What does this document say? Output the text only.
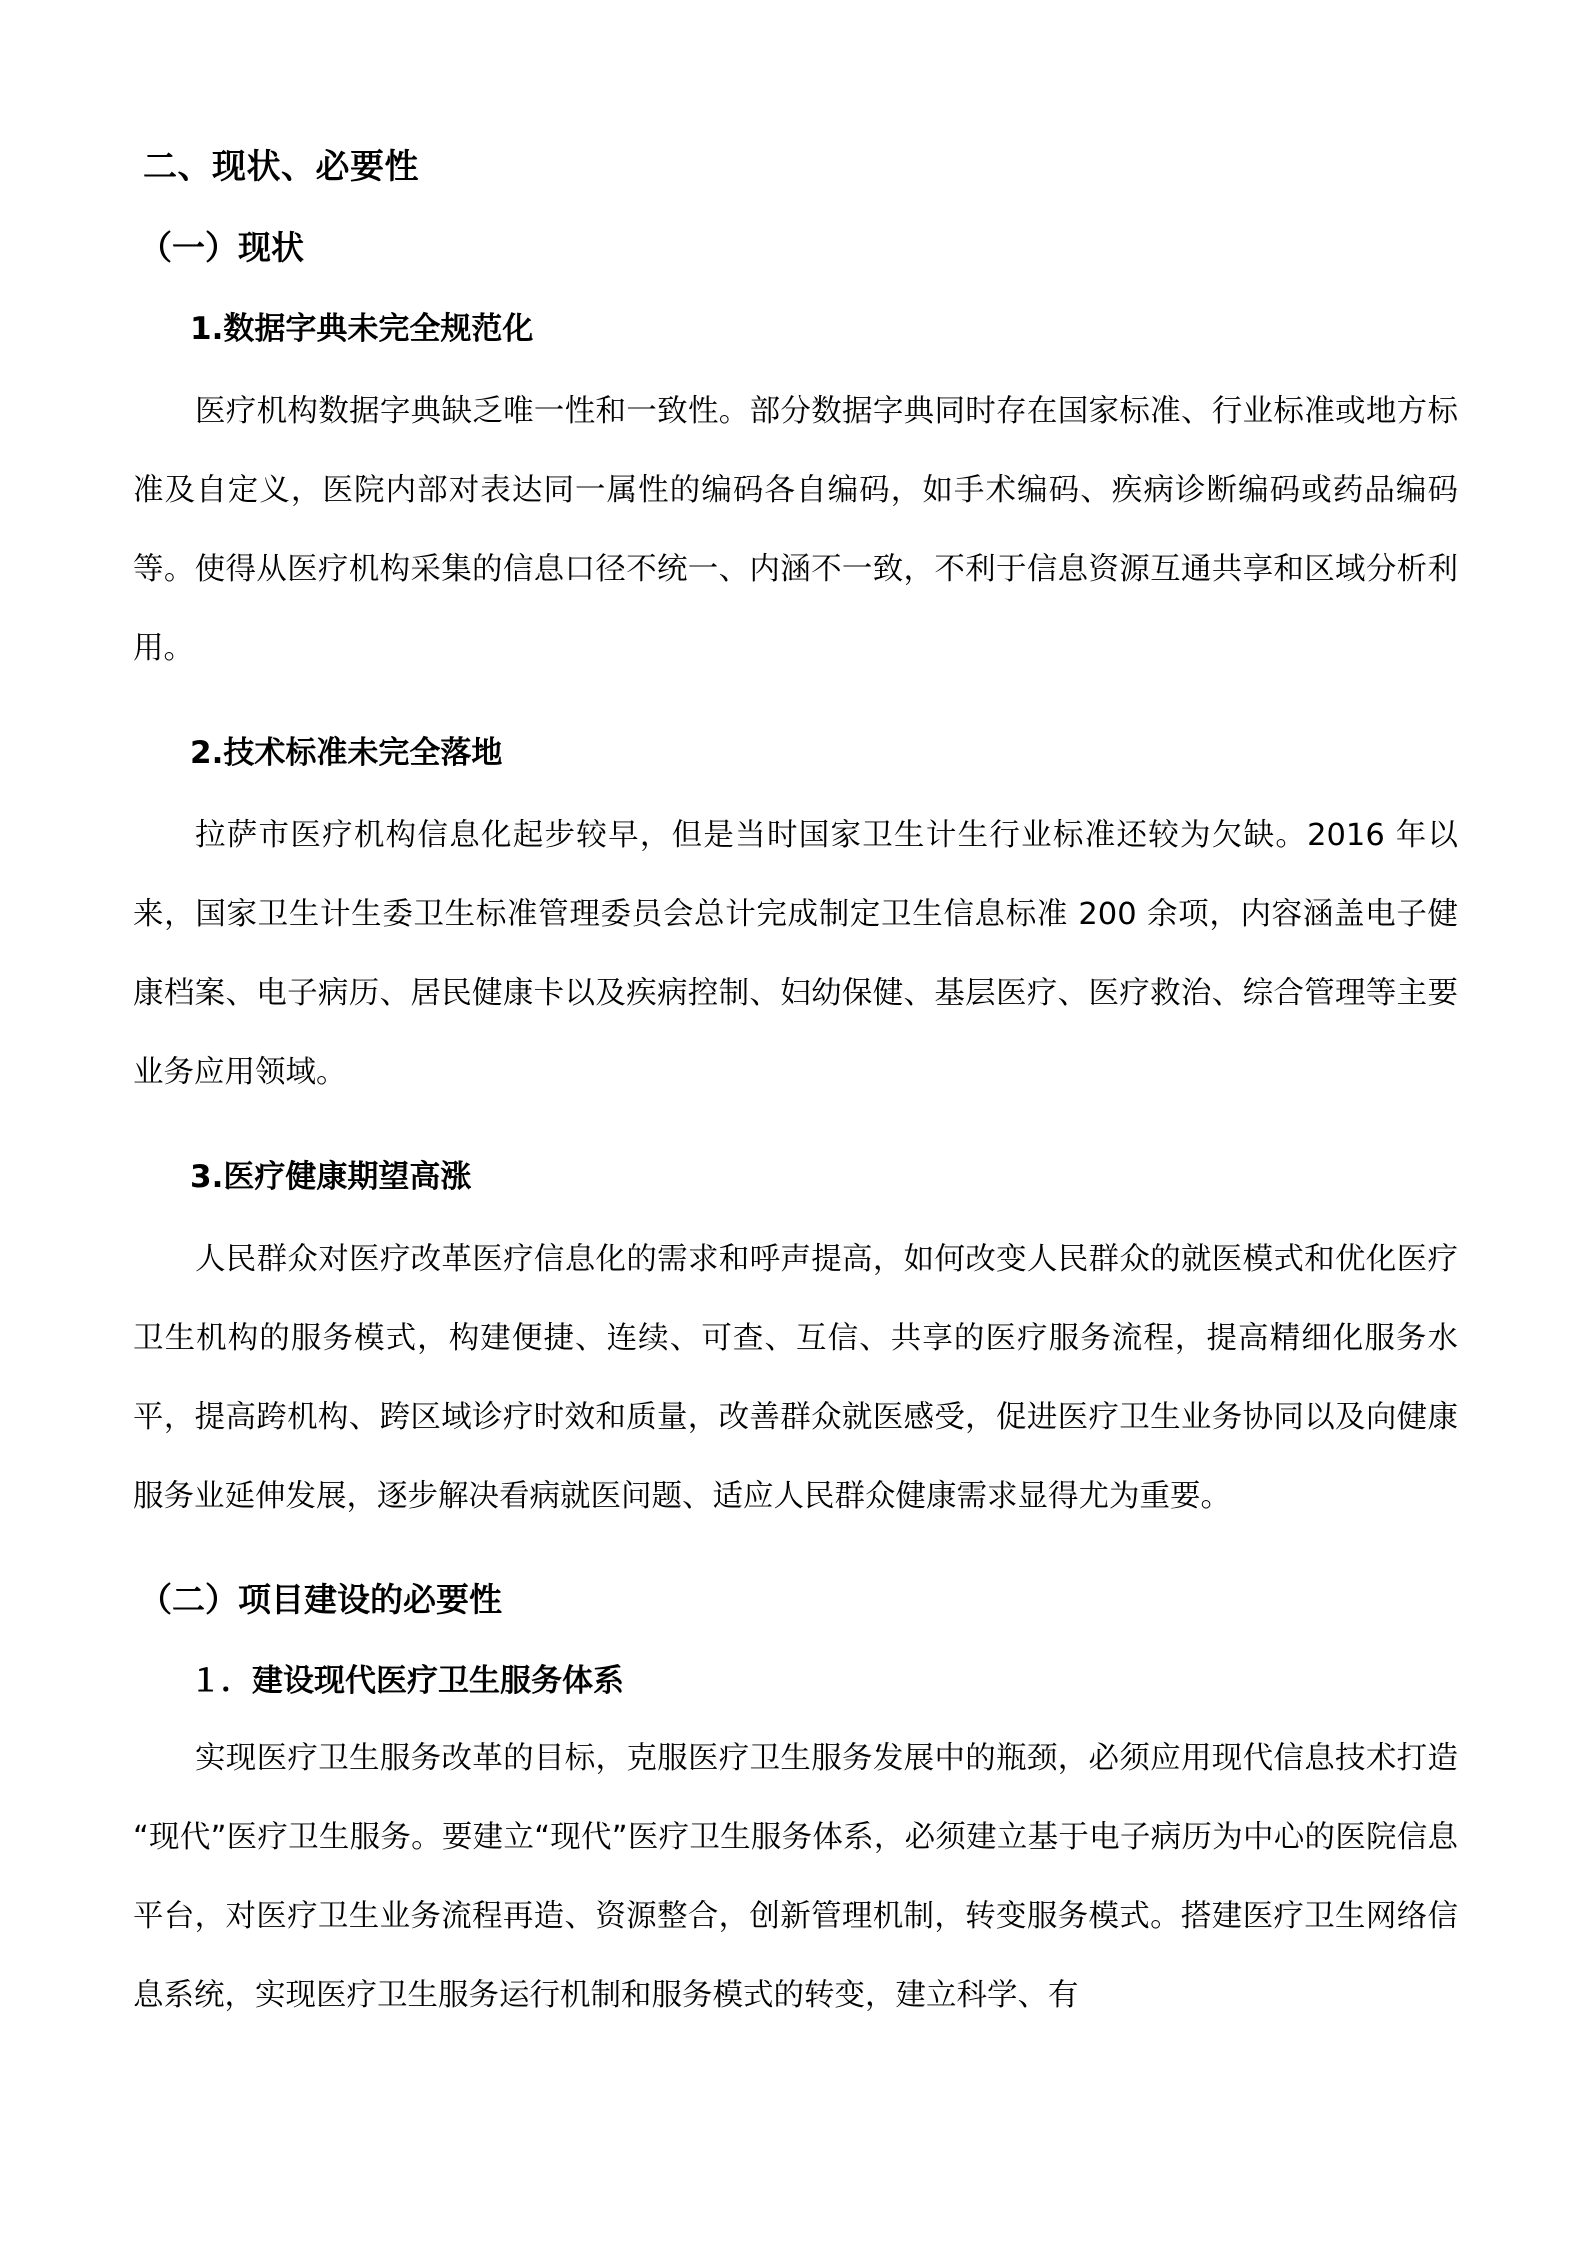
二、现状、必要性
（一）现状
1.数据字典未完全规范化

医疗机构数据字典缺乏唯一性和一致性。部分数据字典同时存在国家标准、行业标准或地方标准及自定义，医院内部对表达同一属性的编码各自编码，如手术编码、疾病诊断编码或药品编码等。使得从医疗机构采集的信息口径不统一、内涵不一致，不利于信息资源互通共享和区域分析利用。

2.技术标准未完全落地

拉萨市医疗机构信息化起步较早，但是当时国家卫生计生行业标准还较为欠缺。2016 年以来，国家卫生计生委卫生标准管理委员会总计完成制定卫生信息标准 200 余项，内容涵盖电子健康档案、电子病历、居民健康卡以及疾病控制、妇幼保健、基层医疗、医疗救治、综合管理等主要业务应用领域。

3.医疗健康期望高涨

人民群众对医疗改革医疗信息化的需求和呼声提高，如何改变人民群众的就医模式和优化医疗卫生机构的服务模式，构建便捷、连续、可查、互信、共享的医疗服务流程，提高精细化服务水平，提高跨机构、跨区域诊疗时效和质量，改善群众就医感受，促进医疗卫生业务协同以及向健康服务业延伸发展，逐步解决看病就医问题、适应人民群众健康需求显得尤为重要。

（二）项目建设的必要性
１．建设现代医疗卫生服务体系

实现医疗卫生服务改革的目标，克服医疗卫生服务发展中的瓶颈，必须应用现代信息技术打造“现代”医疗卫生服务。要建立“现代”医疗卫生服务体系，必须建立基于电子病历为中心的医院信息平台，对医疗卫生业务流程再造、资源整合，创新管理机制，转变服务模式。搭建医疗卫生网络信息系统，实现医疗卫生服务运行机制和服务模式的转变，建立科学、有
